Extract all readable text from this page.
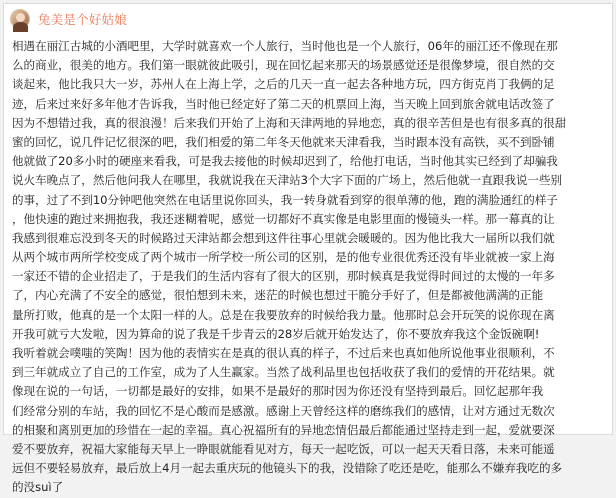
兔美是个好姑娘
相遇在丽江古城的小酒吧里，大学时就喜欢一个人旅行，当时他也是一个人旅行，06年的丽江还不像现在那
么的商业，很美的地方。我们第一眼就彼此吸引，现在回忆起来那天的场景感觉还是很像梦境，很自然的交
谈起来，他比我只大一岁，苏州人在上海上学，之后的几天一直一起去各种地方玩，四方街克肖丁我俩的足
迹，后来过来好多年他才告诉我，当时他已经定好了第二天的机票回上海，当天晚上回到旅舍就电话改签了
因为不想错过我，真的很浪漫！后来我们开始了上海和天津两地的异地恋，真的很辛苦但是也有很多真的很甜
蜜的回忆，说几件记忆很深的吧，我们相爱的第二年冬天他就来天津看我，当时跟本没有高铁，买不到卧铺
他就做了20多小时的硬座来看我，可是我去接他的时候却迟到了，给他打电话，当时他其实已经到了却骗我
说火车晚点了，然后他问我人在哪里，我就说我在天津站3个大字下面的广场上，然后他就一直跟我说一些别
的事，过了不到10分钟吧他突然在电话里说你回头，我一转身就看到穿的很单薄的他，跑的满脸通红的样子
，他快速的跑过来拥抱我，我还迷糊着呢，感觉一切都好不真实像是电影里面的慢镜头一样。那一幕真的让
我感到很难忘没到冬天的时候路过天津站都会想到这件往事心里就会暖暖的。因为他比我大一届所以我们就
从两个城市两所学校变成了两个城市一所学校一所公司的区别，是的他专业很优秀还没有毕业就被一家上海
一家还不错的企业招走了，于是我们的生活内容有了很大的区别，那时候真是我觉得时间过的太慢的一年多
了，内心充满了不安全的感觉，很怕想到未来，迷茫的时候也想过干脆分手好了，但是都被他满满的正能
量所打败，他真的是一个太阳一样的人。总是在我要放弃的时候给我力量。他那时总会开玩笑的说你现在离
开我可就亏大发啦，因为算命的说了我是千步青云的28岁后就开始发达了，你不要放弃我这个金饭碗啊!
我听着就会噗嗤的笑陶！因为他的表情实在是真的很认真的样子，不过后来也真如他所说他事业很顺利，不
到三年就成立了自己的工作室，成为了人生赢家。当然了战利品里也包括收获了我们的爱情的开花结果。就
像现在说的一句话，一切都是最好的安排，如果不是最好的那时因为你还没有坚持到最后。回忆起那年我
们经常分别的车站，我的回忆不是心酸而是感激。感谢上天曾经这样的磨练我们的感情，让对方通过无数次
的相聚和离别更加的珍惜在一起的幸福。真心祝福所有的异地恋情侣最后都能通过坚持走到一起，爱就要深
爱不要放弃，祝福大家能每天早上一睁眼就能看见对方，每天一起吃饭，可以一起天天看日落，未来可能遥
远但不要轻易放弃，最后放上4月一起去重庆玩的他镜头下的我，没错除了吃还是吃，能那么不嫌弃我吃的多
的没suì了
